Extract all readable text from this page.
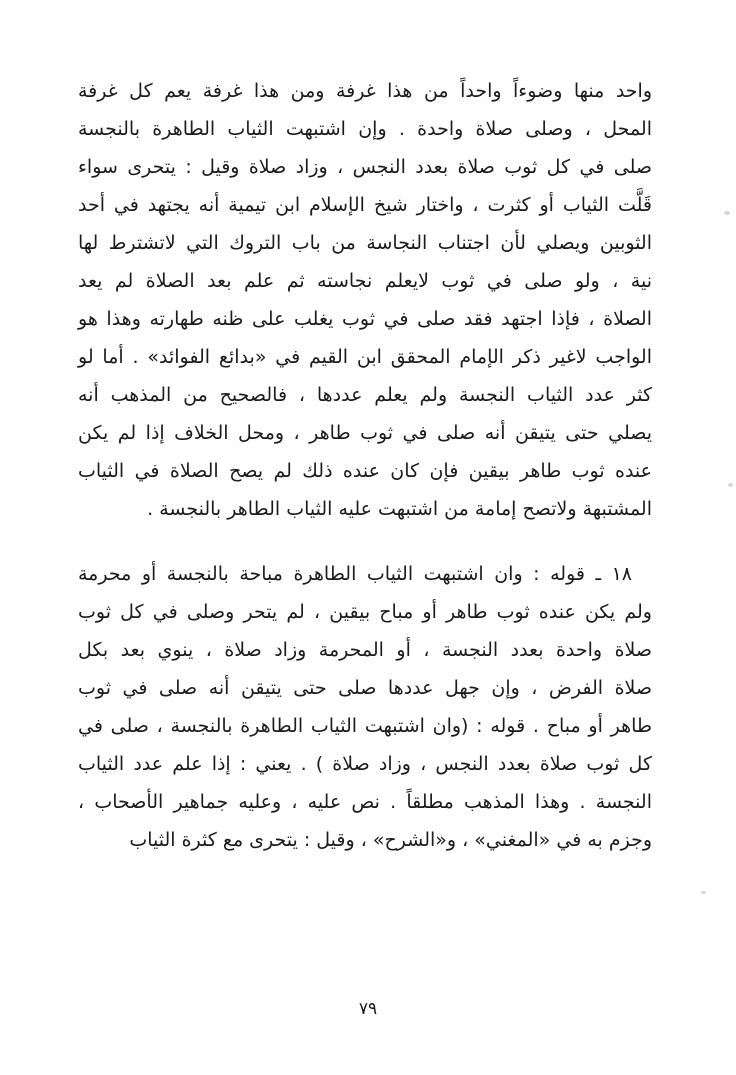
واحد منها وضوءاً واحداً من هذا غرفة ومن هذا غرفة يعم كل غرفة
المحل ، وصلى صلاة واحدة . وإن اشتبهت الثياب الطاهرة بالنجسة
صلى في كل ثوب صلاة بعدد النجس ، وزاد صلاة وقيل : يتحرى سواء
قَلَّت الثياب أو كثرت ، واختار شيخ الإسلام ابن تيمية أنه يجتهد في أحد
الثوبين ويصلي لأن اجتناب النجاسة من باب التروك التي لاتشترط لها
نية ، ولو صلى في ثوب لايعلم نجاسته ثم علم بعد الصلاة لم يعد
الصلاة ، فإذا اجتهد فقد صلى في ثوب يغلب على ظنه طهارته وهذا هو
الواجب لاغير ذكر الإمام المحقق ابن القيم في «بدائع الفوائد» . أما لو
كثر عدد الثياب النجسة ولم يعلم عددها ، فالصحيح من المذهب أنه
يصلي حتى يتيقن أنه صلى في ثوب طاهر ، ومحل الخلاف إذا لم يكن
عنده ثوب طاهر بيقين فإن كان عنده ذلك لم يصح الصلاة في الثياب
المشتبهة ولاتصح إمامة من اشتبهت عليه الثياب الطاهر بالنجسة .
١٨ ـ قوله : وان اشتبهت الثياب الطاهرة مباحة بالنجسة أو محرمة
ولم يكن عنده ثوب طاهر أو مباح بيقين ، لم يتحر وصلى في كل ثوب
صلاة واحدة بعدد النجسة ، أو المحرمة وزاد صلاة ، ينوي بعد بكل
صلاة الفرض ، وإن جهل عددها صلى حتى يتيقن أنه صلى في ثوب
طاهر أو مباح . قوله : (وان اشتبهت الثياب الطاهرة بالنجسة ، صلى في
كل ثوب صلاة بعدد النجس ، وزاد صلاة ) . يعني : إذا علم عدد الثياب
النجسة . وهذا المذهب مطلقاً . نص عليه ، وعليه جماهير الأصحاب ،
وجزم به في «المغني» ، و«الشرح» ، وقيل : يتحرى مع كثرة الثياب
٧٩
